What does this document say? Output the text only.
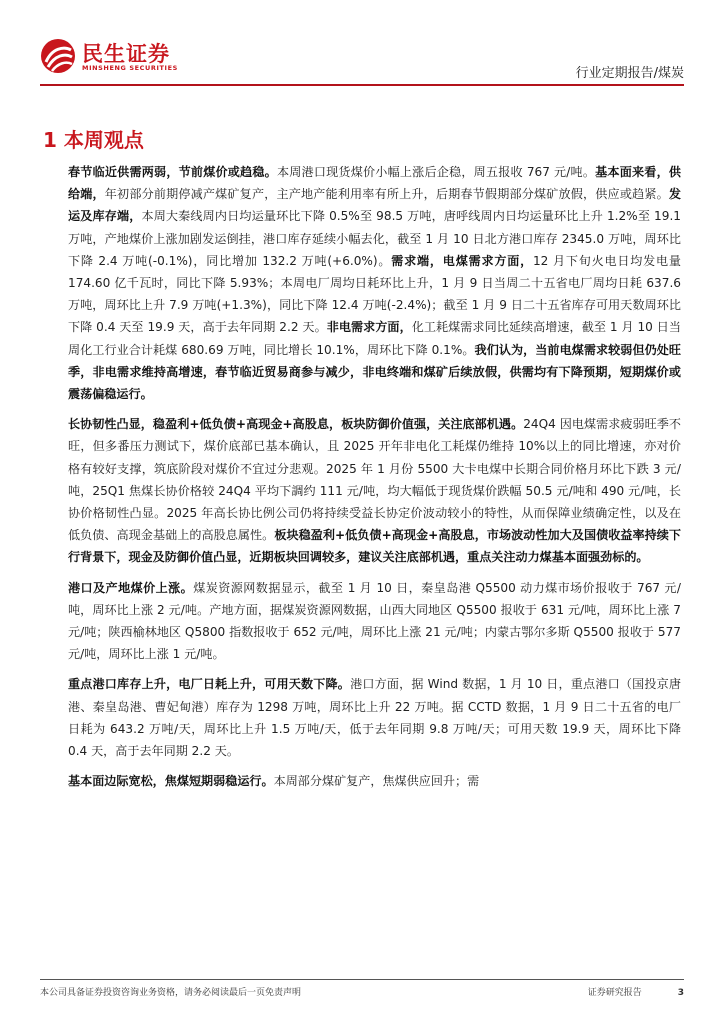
民生证券
MINSHENG SECURITIES	行业定期报告/煤炭
1 本周观点

春节临近供需两弱，节前煤价或趋稳。本周港口现货煤价小幅上涨后企稳，周五报收 767 元/吨。基本面来看，供给端，年初部分前期停减产煤矿复产，主产地产能利用率有所上升，后期春节假期部分煤矿放假，供应或趋紧。发运及库存端，本周大秦线周内日均运量环比下降 0.5%至 98.5 万吨，唐呼线周内日均运量环比上升 1.2%至 19.1 万吨，产地煤价上涨加剧发运倒挂，港口库存延续小幅去化，截至 1 月 10 日北方港口库存 2345.0 万吨，周环比下降 2.4 万吨(-0.1%)，同比增加 132.2 万吨(+6.0%)。需求端，电煤需求方面，12 月下旬火电日均发电量 174.60 亿千瓦时，同比下降 5.93%；本周电厂周均日耗环比上升，1 月 9 日当周二十五省电厂周均日耗 637.6 万吨，周环比上升 7.9 万吨(+1.3%)，同比下降 12.4 万吨(-2.4%)；截至 1 月 9 日二十五省库存可用天数周环比下降 0.4 天至 19.9 天，高于去年同期 2.2 天。非电需求方面，化工耗煤需求同比延续高增速，截至 1 月 10 日当周化工行业合计耗煤 680.69 万吨，同比增长 10.1%，周环比下降 0.1%。我们认为，当前电煤需求较弱但仍处旺季，非电需求维持高增速，春节临近贸易商参与减少，非电终端和煤矿后续放假，供需均有下降预期，短期煤价或震荡偏稳运行。

长协韧性凸显，稳盈利+低负债+高现金+高股息，板块防御价值强，关注底部机遇。24Q4 因电煤需求疲弱旺季不旺，但多番压力测试下，煤价底部已基本确认，且 2025 开年非电化工耗煤仍维持 10%以上的同比增速，亦对价格有较好支撑，筑底阶段对煤价不宜过分悲观。2025 年 1 月份 5500 大卡电煤中长期合同价格月环比下跌 3 元/吨，25Q1 焦煤长协价格较 24Q4 平均下調约 111 元/吨，均大幅低于现货煤价跌幅 50.5 元/吨和 490 元/吨，长协价格韧性凸显。2025 年高长协比例公司仍将持续受益长协定价波动较小的特性，从而保障业绩确定性，以及在低负债、高现金基础上的高股息属性。板块稳盈利+低负债+高现金+高股息，市场波动性加大及国债收益率持续下行背景下，现金及防御价值凸显，近期板块回调较多，建议关注底部机遇，重点关注动力煤基本面强劲标的。

港口及产地煤价上涨。煤炭资源网数据显示，截至 1 月 10 日，秦皇岛港 Q5500 动力煤市场价报收于 767 元/吨，周环比上涨 2 元/吨。产地方面，据煤炭资源网数据，山西大同地区 Q5500 报收于 631 元/吨，周环比上涨 7 元/吨；陕西榆林地区 Q5800 指数报收于 652 元/吨，周环比上涨 21 元/吨；内蒙古鄂尔多斯 Q5500 报收于 577 元/吨，周环比上涨 1 元/吨。

重点港口库存上升，电厂日耗上升，可用天数下降。港口方面，据 Wind 数据，1 月 10 日，重点港口（国投京唐港、秦皇岛港、曹妃甸港）库存为 1298 万吨，周环比上升 22 万吨。据 CCTD 数据，1 月 9 日二十五省的电厂日耗为 643.2 万吨/天，周环比上升 1.5 万吨/天，低于去年同期 9.8 万吨/天；可用天数 19.9 天，周环比下降 0.4 天，高于去年同期 2.2 天。

基本面边际宽松，焦煤短期弱稳运行。本周部分煤矿复产，焦煤供应回升；需

本公司具备证券投资咨询业务资格，请务必阅读最后一页免责声明	证券研究报告	3
